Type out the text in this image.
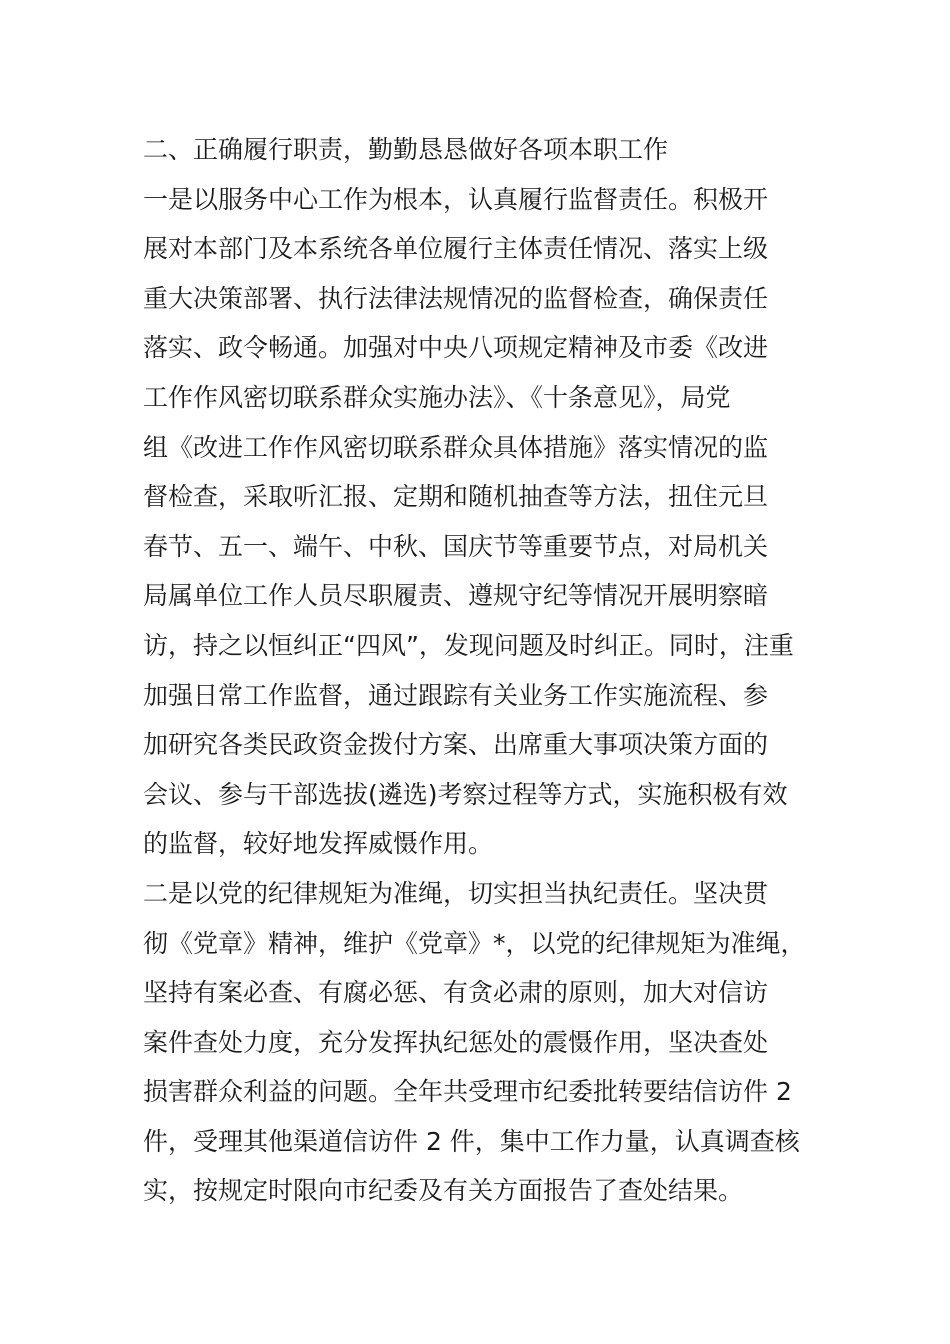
二、正确履行职责，勤勤恳恳做好各项本职工作
一是以服务中心工作为根本，认真履行监督责任。积极开
展对本部门及本系统各单位履行主体责任情况、落实上级
重大决策部署、执行法律法规情况的监督检查，确保责任
落实、政令畅通。加强对中央八项规定精神及市委《改进
工作作风密切联系群众实施办法》、《十条意见》，局党
组《改进工作作风密切联系群众具体措施》落实情况的监
督检查，采取听汇报、定期和随机抽查等方法，扭住元旦
春节、五一、端午、中秋、国庆节等重要节点，对局机关
局属单位工作人员尽职履责、遵规守纪等情况开展明察暗
访，持之以恒纠正“四风”，发现问题及时纠正。同时，注重
加强日常工作监督，通过跟踪有关业务工作实施流程、参
加研究各类民政资金拨付方案、出席重大事项决策方面的
会议、参与干部选拔(遴选)考察过程等方式，实施积极有效
的监督，较好地发挥威慑作用。
二是以党的纪律规矩为准绳，切实担当执纪责任。坚决贯
彻《党章》精神，维护《党章》*，以党的纪律规矩为准绳，
坚持有案必查、有腐必惩、有贪必肃的原则，加大对信访
案件查处力度，充分发挥执纪惩处的震慑作用，坚决查处
损害群众利益的问题。全年共受理市纪委批转要结信访件 2
件，受理其他渠道信访件 2 件，集中工作力量，认真调查核
实，按规定时限向市纪委及有关方面报告了查处结果。
